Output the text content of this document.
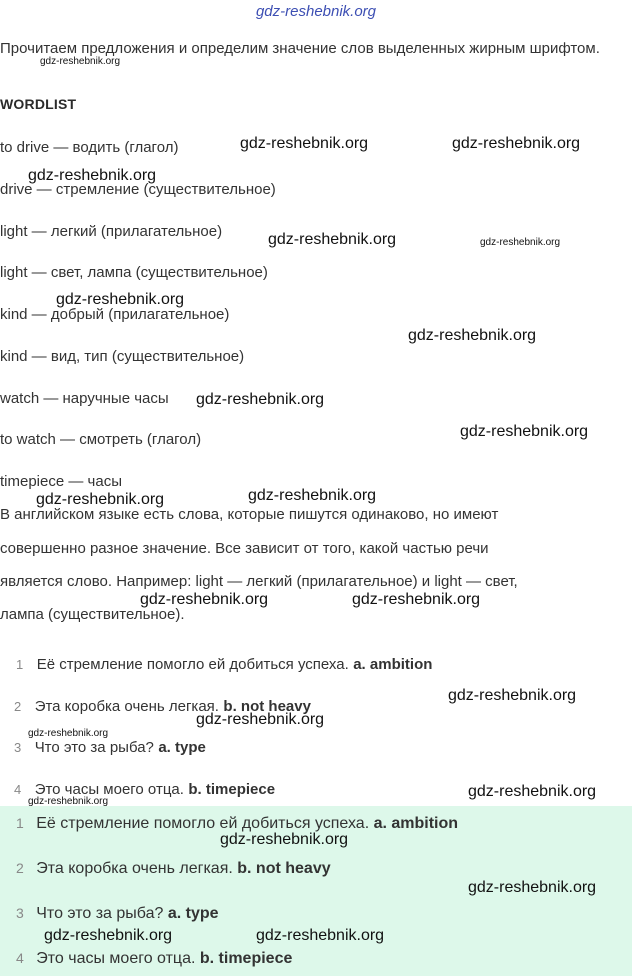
gdz-reshebnik.org
Прочитаем предложения и определим значение слов выделенных жирным шрифтом.
WORDLIST
to drive — водить (глагол)
drive — стремление (существительное)
light — легкий (прилагательное)
light — свет, лампа (существительное)
kind — добрый (прилагательное)
kind — вид, тип (существительное)
watch — наручные часы
to watch — смотреть (глагол)
timepiece — часы
В английском языке есть слова, которые пишутся одинаково, но имеют
совершенно разное значение. Все зависит от того, какой частью речи
является слово. Например: light — легкий (прилагательное) и light — свет,
лампа (существительное).
1 Её стремление помогло ей добиться успеха. a. ambition
2 Эта коробка очень легкая. b. not heavy
3 Что это за рыба? a. type
4 Это часы моего отца. b. timepiece
1 Её стремление помогло ей добиться успеха. a. ambition
2 Эта коробка очень легкая. b. not heavy
3 Что это за рыба? a. type
4 Это часы моего отца. b. timepiece
gdz-reshebnik.org
gdz-reshebnik.org	gdz-reshebnik.org
gdz-reshebnik.org
gdz-reshebnik.org	gdz-reshebnik.org
gdz-reshebnik.org
gdz-reshebnik.org
gdz-reshebnik.org
gdz-reshebnik.org
gdz-reshebnik.org
gdz-reshebnik.org
gdz-reshebnik.org	gdz-reshebnik.org
gdz-reshebnik.org
gdz-reshebnik.org
gdz-reshebnik.org
gdz-reshebnik.org
gdz-reshebnik.org
gdz-reshebnik.org
gdz-reshebnik.org
gdz-reshebnik.org	gdz-reshebnik.org
